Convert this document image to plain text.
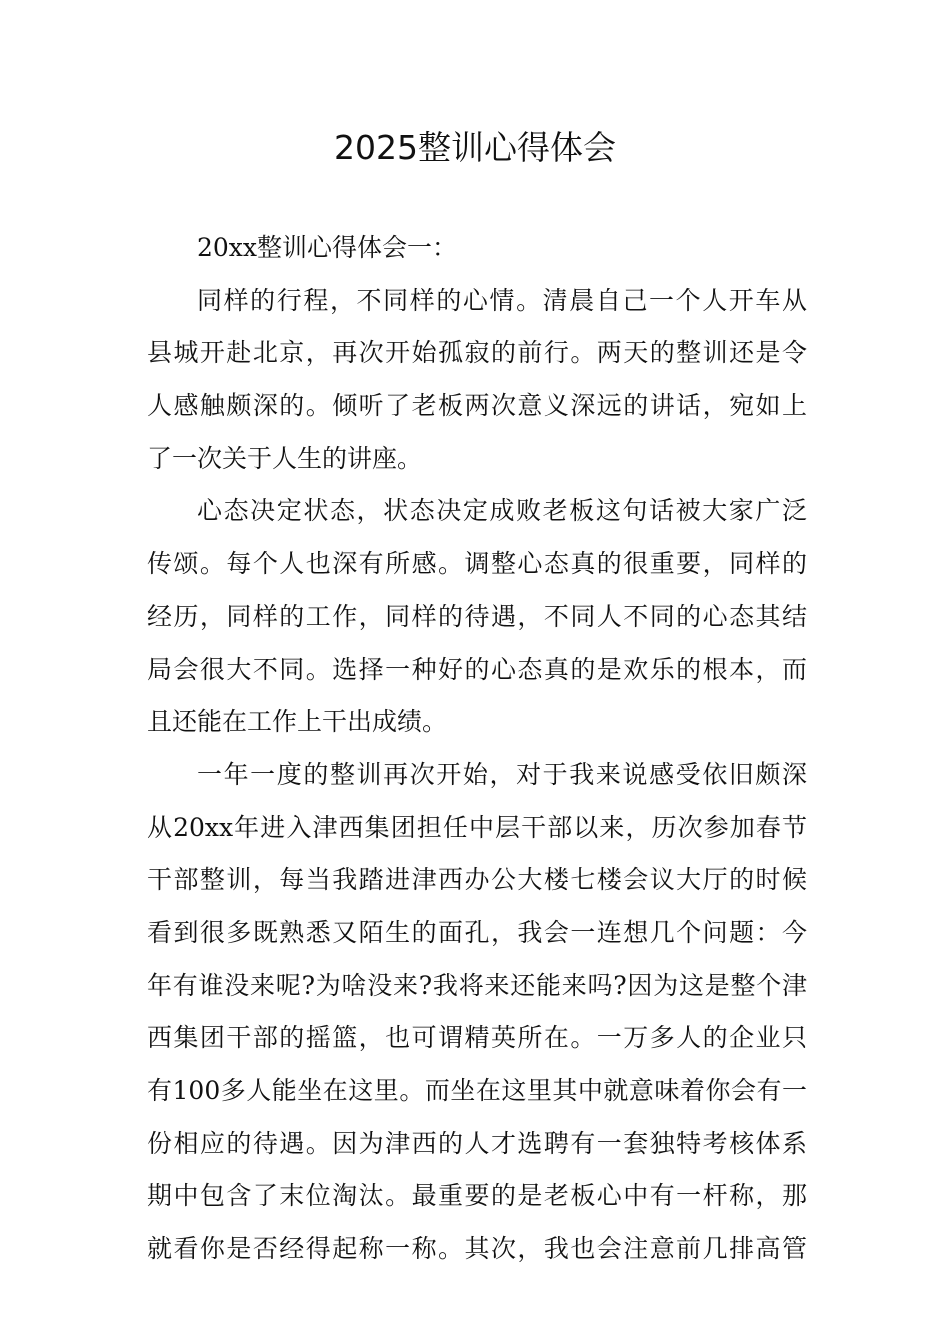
2025整训心得体会
20xx整训心得体会一：
同样的行程，不同样的心情。清晨自己一个人开车从
县城开赴北京，再次开始孤寂的前行。两天的整训还是令
人感触颇深的。倾听了老板两次意义深远的讲话，宛如上
了一次关于人生的讲座。
心态决定状态，状态决定成败老板这句话被大家广泛
传颂。每个人也深有所感。调整心态真的很重要，同样的
经历，同样的工作，同样的待遇，不同人不同的心态其结
局会很大不同。选择一种好的心态真的是欢乐的根本，而
且还能在工作上干出成绩。
一年一度的整训再次开始，对于我来说感受依旧颇深
从20xx年进入津西集团担任中层干部以来，历次参加春节
干部整训，每当我踏进津西办公大楼七楼会议大厅的时候
看到很多既熟悉又陌生的面孔，我会一连想几个问题：今
年有谁没来呢?为啥没来?我将来还能来吗?因为这是整个津
西集团干部的摇篮，也可谓精英所在。一万多人的企业只
有100多人能坐在这里。而坐在这里其中就意味着你会有一
份相应的待遇。因为津西的人才选聘有一套独特考核体系
期中包含了末位淘汰。最重要的是老板心中有一杆称，那
就看你是否经得起称一称。其次，我也会注意前几排高管
